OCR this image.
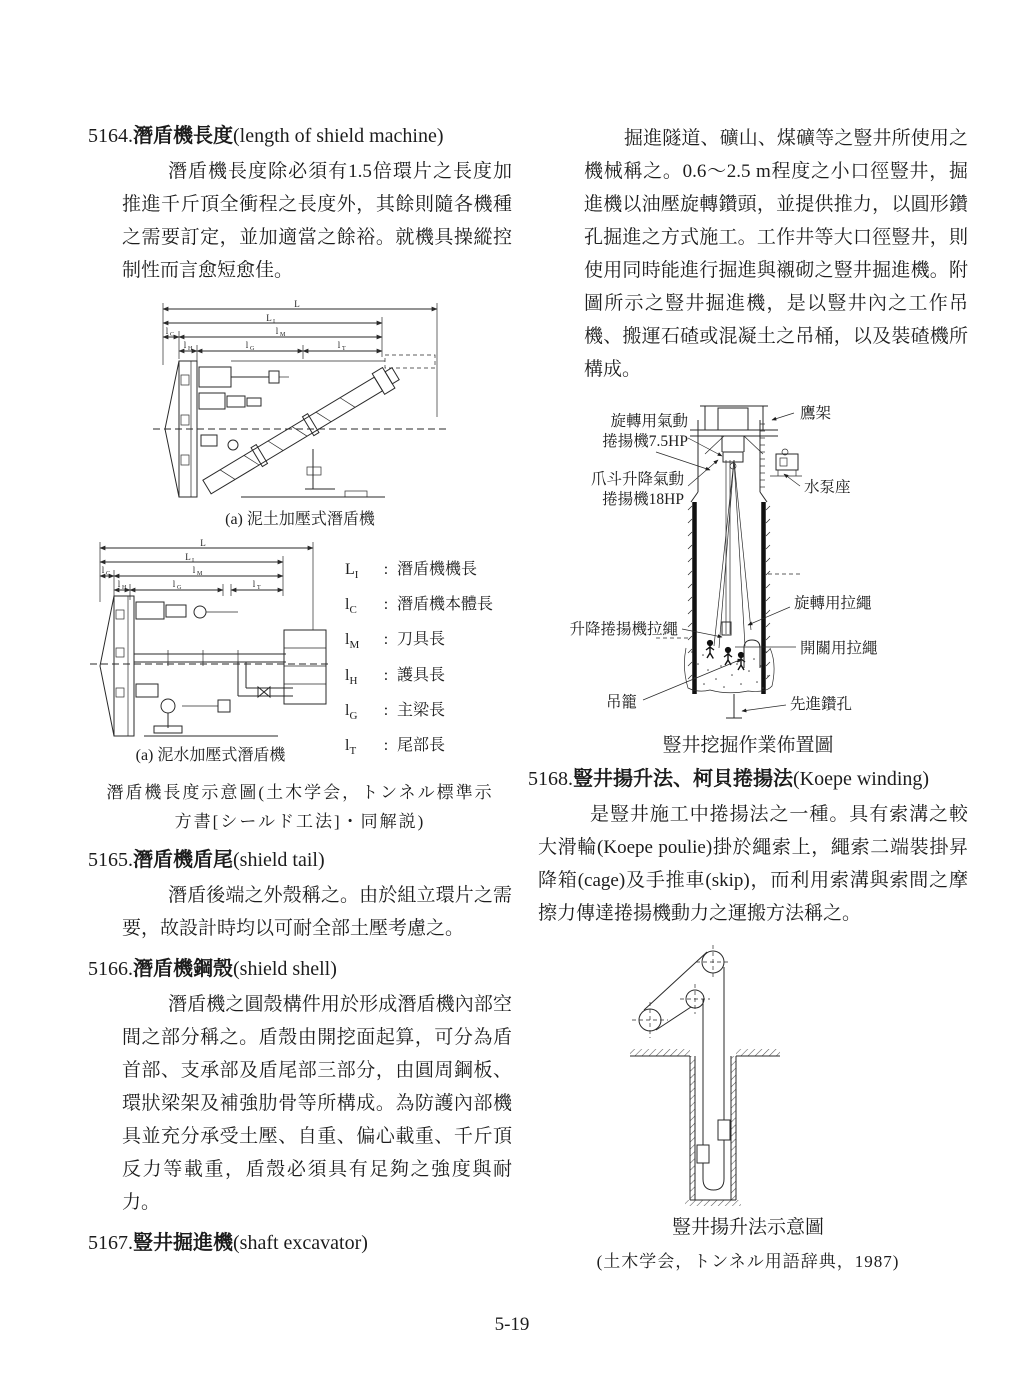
5164.潛盾機長度(length of shield machine)

潛盾機長度除必須有1.5倍環片之長度加推進千斤頂全衝程之長度外，其餘則隨各機種之需要訂定，並加適當之餘裕。就機具操縱控制性而言愈短愈佳。

L
L I
l C	l M
l H	l G	l T
(a) 泥土加壓式潛盾機
L
L I
l C	l M
l H	l G	l T
(a) 泥水加壓式潛盾機
$L_I$	: 潛盾機機長
$l_C$	: 潛盾機本體長
$l_M$	: 刀具長
$l_H$	: 護具長
$l_G$	: 主梁長
$l_T$	: 尾部長
潛盾機長度示意圖(土木学会，トンネル標準示
方書[シールド工法]・同解説)
5165.潛盾機盾尾(shield tail)

潛盾後端之外殼稱之。由於組立環片之需要，故設計時均以可耐全部土壓考慮之。

5166.潛盾機鋼殼(shield shell)

潛盾機之圓殼構件用於形成潛盾機內部空間之部分稱之。盾殼由開挖面起算，可分為盾首部、支承部及盾尾部三部分，由圓周鋼板、環狀梁架及補強肋骨等所構成。為防護內部機具並充分承受土壓、自重、偏心載重、千斤頂反力等載重，盾殼必須具有足夠之強度與耐力。

5167.豎井掘進機(shaft excavator)

掘進隧道、礦山、煤礦等之豎井所使用之機械稱之。0.6～2.5 m程度之小口徑豎井，掘進機以油壓旋轉鑽頭，並提供推力，以圓形鑽孔掘進之方式施工。工作井等大口徑豎井，則使用同時能進行掘進與襯砌之豎井掘進機。附圖所示之豎井掘進機，是以豎井內之工作吊機、搬運石碴或混凝土之吊桶，以及裝碴機所構成。

旋轉用氣動
捲揚機7.5HP
鷹架
爪斗升降氣動
捲揚機18HP
水泵座
升降捲揚機拉繩
旋轉用拉繩
開關用拉繩
吊籠	先進鑽孔
豎井挖掘作業佈置圖
5168.豎井揚升法、柯貝捲揚法(Koepe winding)

是豎井施工中捲揚法之一種。具有索溝之較大滑輪(Koepe poulie)掛於繩索上，繩索二端裝掛昇降箱(cage)及手推車(skip)，而利用索溝與索間之摩擦力傳達捲揚機動力之運搬方法稱之。

豎井揚升法示意圖
(土木学会，トンネル用語辞典，1987)
5-19
